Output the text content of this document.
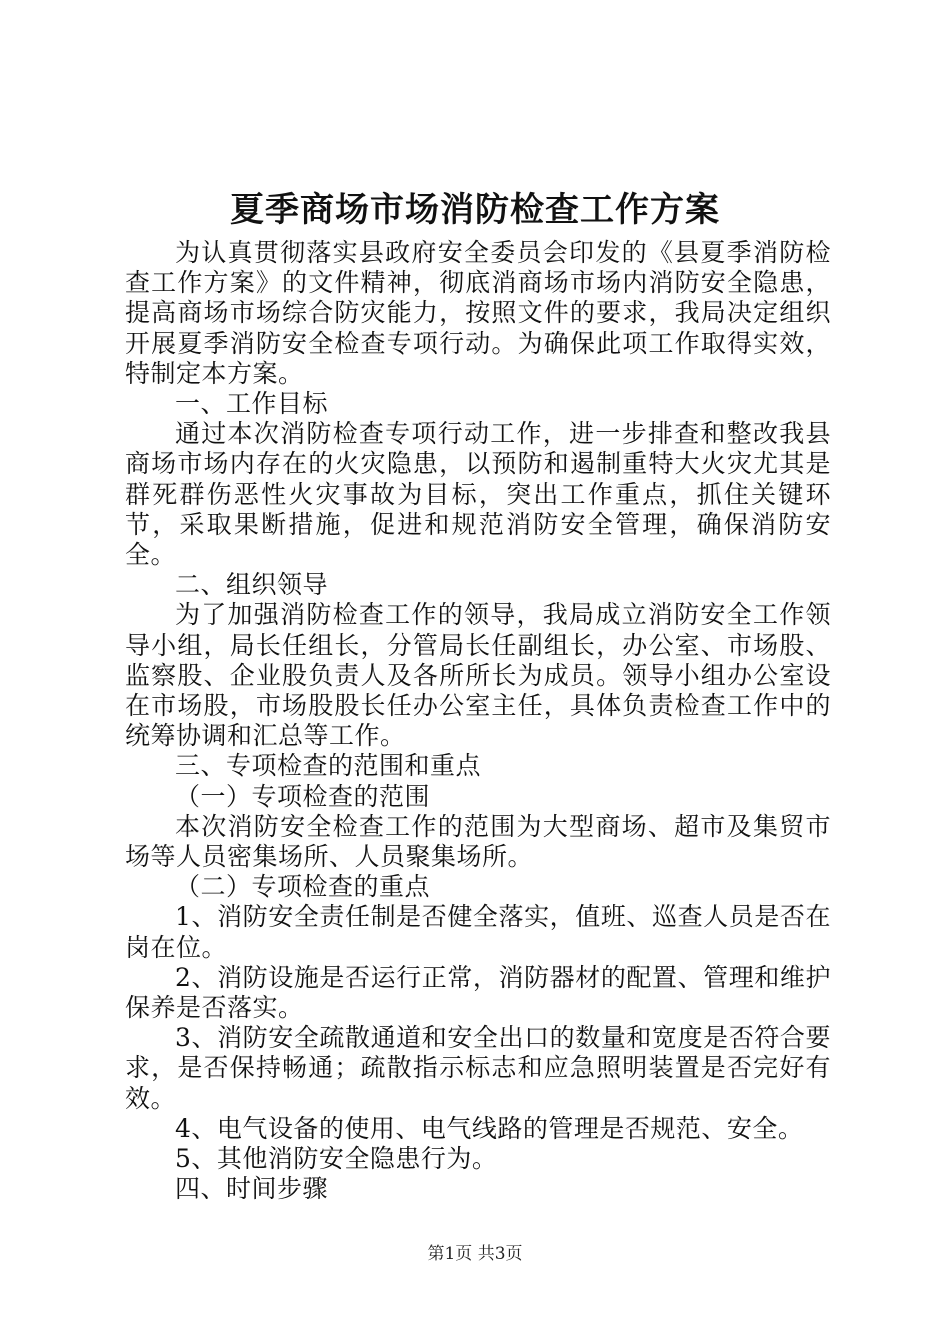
夏季商场市场消防检查工作方案

为认真贯彻落实县政府安全委员会印发的《县夏季消防检查工作方案》的文件精神，彻底消商场市场内消防安全隐患，提高商场市场综合防灾能力，按照文件的要求，我局决定组织开展夏季消防安全检查专项行动。为确保此项工作取得实效，特制定本方案。

一、工作目标

通过本次消防检查专项行动工作，进一步排查和整改我县商场市场内存在的火灾隐患，以预防和遏制重特大火灾尤其是群死群伤恶性火灾事故为目标，突出工作重点，抓住关键环节，采取果断措施，促进和规范消防安全管理，确保消防安全。

二、组织领导

为了加强消防检查工作的领导，我局成立消防安全工作领导小组，局长任组长，分管局长任副组长，办公室、市场股、监察股、企业股负责人及各所所长为成员。领导小组办公室设在市场股，市场股股长任办公室主任，具体负责检查工作中的统筹协调和汇总等工作。

三、专项检查的范围和重点

（一）专项检查的范围

本次消防安全检查工作的范围为大型商场、超市及集贸市场等人员密集场所、人员聚集场所。

（二）专项检查的重点

1、消防安全责任制是否健全落实，值班、巡查人员是否在岗在位。

2、消防设施是否运行正常，消防器材的配置、管理和维护保养是否落实。

3、消防安全疏散通道和安全出口的数量和宽度是否符合要求，是否保持畅通；疏散指示标志和应急照明装置是否完好有效。

4、电气设备的使用、电气线路的管理是否规范、安全。

5、其他消防安全隐患行为。

四、时间步骤

第1页 共3页
